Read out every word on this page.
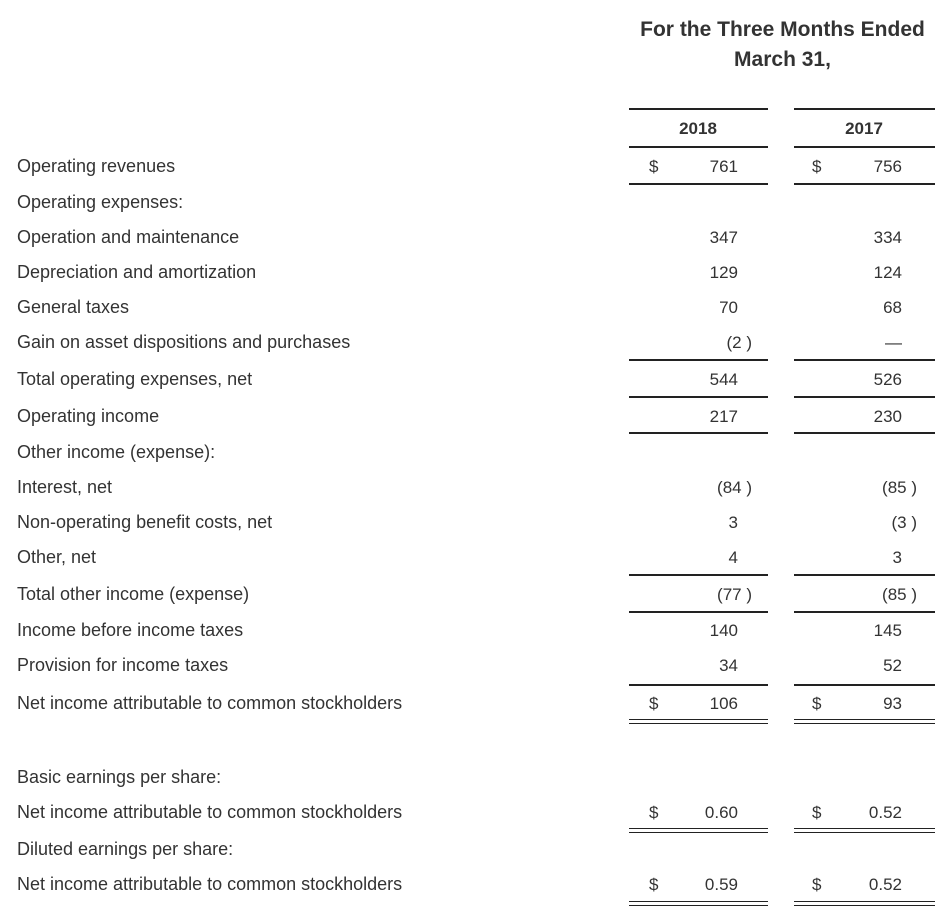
For the Three Months Ended
March 31,
2018	2017
Operating revenues	$	761	$	756
Operating expenses:
Operation and maintenance	347	334
Depreciation and amortization	129	124
General taxes	70	68
Gain on asset dispositions and purchases	(2 )	—
Total operating expenses, net	544	526
Operating income	217	230
Other income (expense):
Interest, net	(84 )	(85 )
Non-operating benefit costs, net	3	(3 )
Other, net	4	3
Total other income (expense)	(77 )	(85 )
Income before income taxes	140	145
Provision for income taxes	34	52
Net income attributable to common stockholders	$	106	$	93
Basic earnings per share:
Net income attributable to common stockholders	$	0.60	$	0.52
Diluted earnings per share:
Net income attributable to common stockholders	$	0.59	$	0.52
